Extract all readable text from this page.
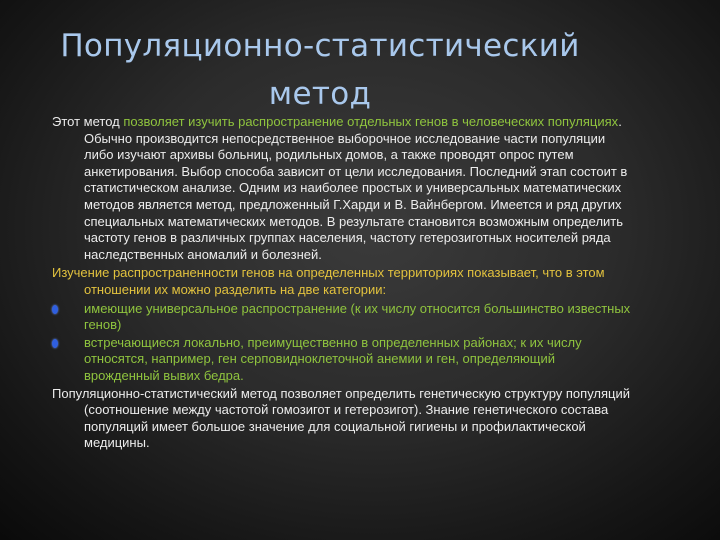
Популяционно-статистический
метод

Этот метод позволяет изучить распространение отдельных генов в человеческих популяциях. Обычно производится непосредственное выборочное исследование части популяции либо изучают архивы больниц, родильных домов, а также проводят опрос путем анкетирования. Выбор способа зависит от цели исследования. Последний этап состоит в статистическом анализе. Одним из наиболее простых и универсальных математических методов является метод, предложенный Г.Харди и В. Вайнбергом. Имеется и ряд других специальных математических методов. В результате становится возможным определить частоту генов в различных группах населения, частоту гетерозиготных носителей ряда наследственных аномалий и болезней.

Изучение распространенности генов на определенных территориях показывает, что в этом отношении их можно разделить на две категории:

имеющие универсальное распространение (к их числу относится большинство известных генов)
встречающиеся локально, преимущественно в определенных районах; к их числу относятся, например, ген серповидноклеточной анемии и ген, определяющий врожденный вывих бедра.

Популяционно-статистический метод позволяет определить генетическую структуру популяций (соотношение между частотой гомозигот и гетерозигот). Знание генетического состава популяций имеет большое значение для социальной гигиены и профилактической медицины.
